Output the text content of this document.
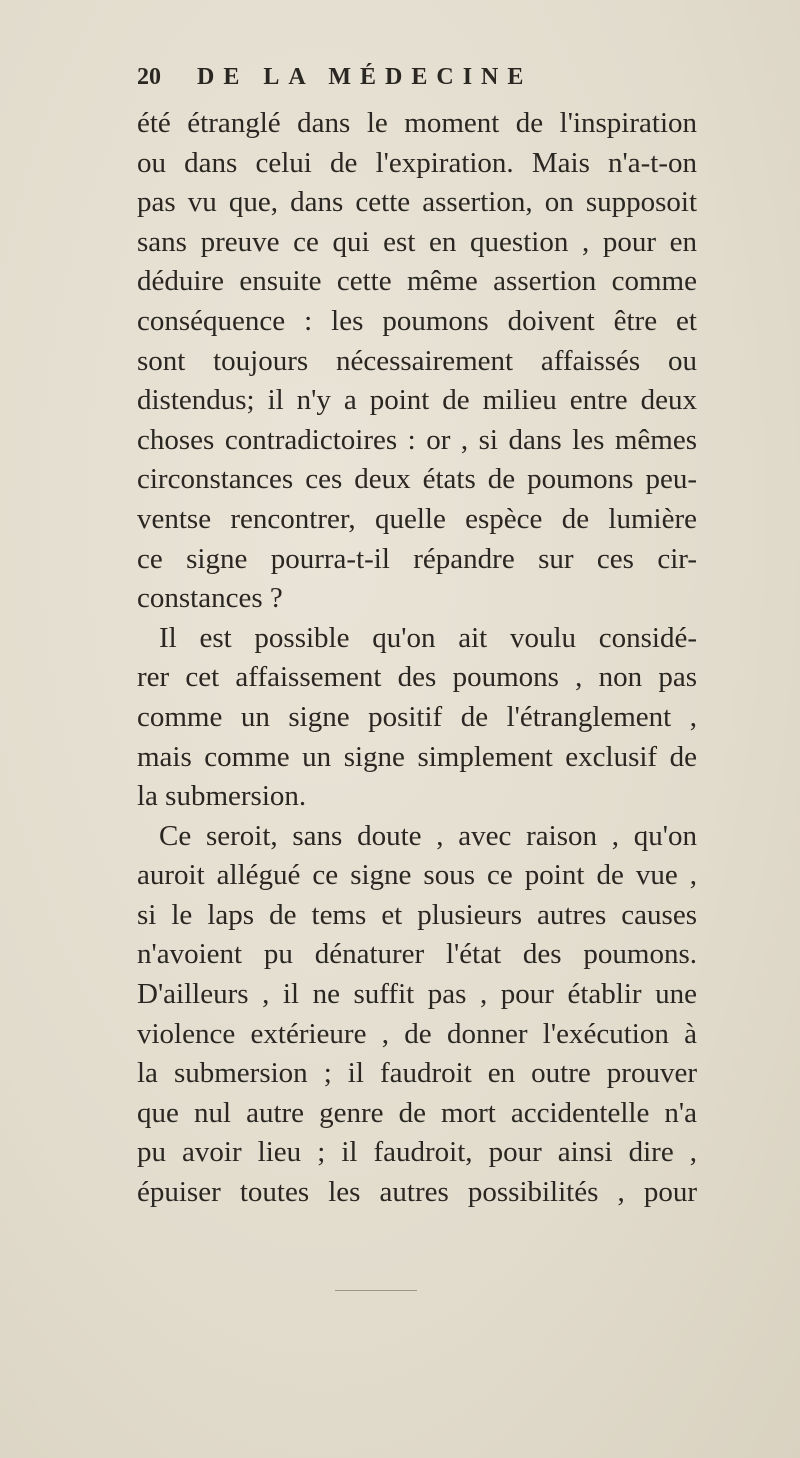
20 DE LA MÉDECINE
été étranglé dans le moment de l'inspiration
ou dans celui de l'expiration. Mais n'a-t-on
pas vu que, dans cette assertion, on supposoit
sans preuve ce qui est en question , pour en
déduire ensuite cette même assertion comme
conséquence : les poumons doivent être et
sont toujours nécessairement affaissés ou
distendus; il n'y a point de milieu entre deux
choses contradictoires : or , si dans les mêmes
circonstances ces deux états de poumons peu-
ventse rencontrer, quelle espèce de lumière
ce signe pourra-t-il répandre sur ces cir-
constances ?
Il est possible qu'on ait voulu considé-
rer cet affaissement des poumons , non pas
comme un signe positif de l'étranglement ,
mais comme un signe simplement exclusif de
la submersion.
Ce seroit, sans doute , avec raison , qu'on
auroit allégué ce signe sous ce point de vue ,
si le laps de tems et plusieurs autres causes
n'avoient pu dénaturer l'état des poumons.
D'ailleurs , il ne suffit pas , pour établir une
violence extérieure , de donner l'exécution à
la submersion ; il faudroit en outre prouver
que nul autre genre de mort accidentelle n'a
pu avoir lieu ; il faudroit, pour ainsi dire ,
épuiser toutes les autres possibilités , pour
